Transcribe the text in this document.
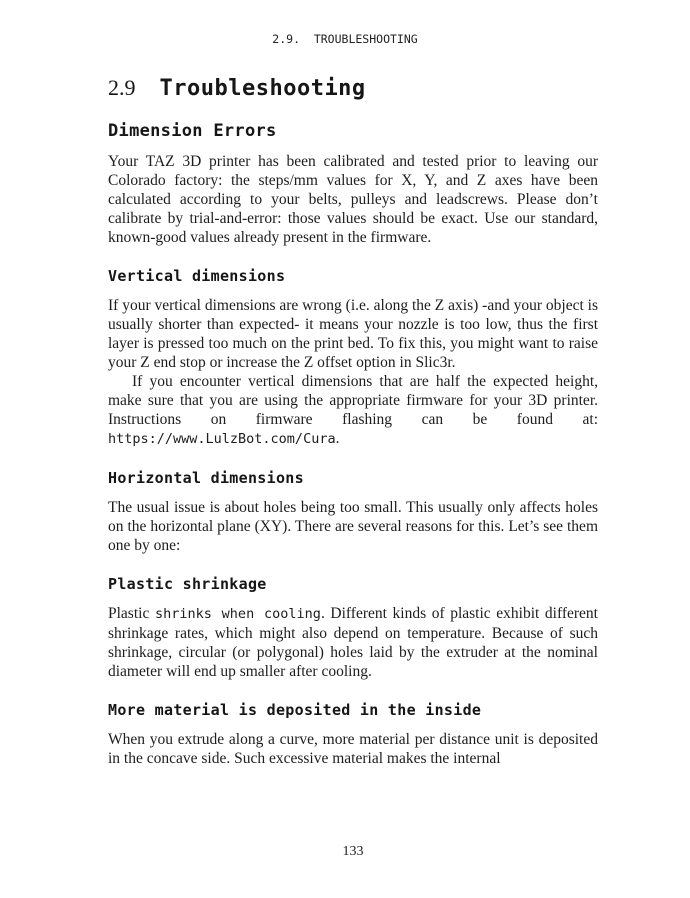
2.9.  TROUBLESHOOTING
2.9 Troubleshooting
Dimension Errors

Your TAZ 3D printer has been calibrated and tested prior to leaving our Colorado factory: the steps/mm values for X, Y, and Z axes have been calculated according to your belts, pulleys and leadscrews. Please don’t calibrate by trial-and-error: those values should be exact. Use our standard, known-good values already present in the firmware.

Vertical dimensions

If your vertical dimensions are wrong (i.e. along the Z axis) -and your object is usually shorter than expected- it means your nozzle is too low, thus the first layer is pressed too much on the print bed. To fix this, you might want to raise your Z end stop or increase the Z offset option in Slic3r.

If you encounter vertical dimensions that are half the expected height, make sure that you are using the appropriate firmware for your 3D printer. Instructions on firmware flashing can be found at: https://www.LulzBot.com/Cura.

Horizontal dimensions

The usual issue is about holes being too small. This usually only affects holes on the horizontal plane (XY). There are several reasons for this. Let’s see them one by one:

Plastic shrinkage

Plastic shrinks when cooling. Different kinds of plastic exhibit different shrinkage rates, which might also depend on temperature. Because of such shrinkage, circular (or polygonal) holes laid by the extruder at the nominal diameter will end up smaller after cooling.

More material is deposited in the inside

When you extrude along a curve, more material per distance unit is deposited in the concave side. Such excessive material makes the internal

133
